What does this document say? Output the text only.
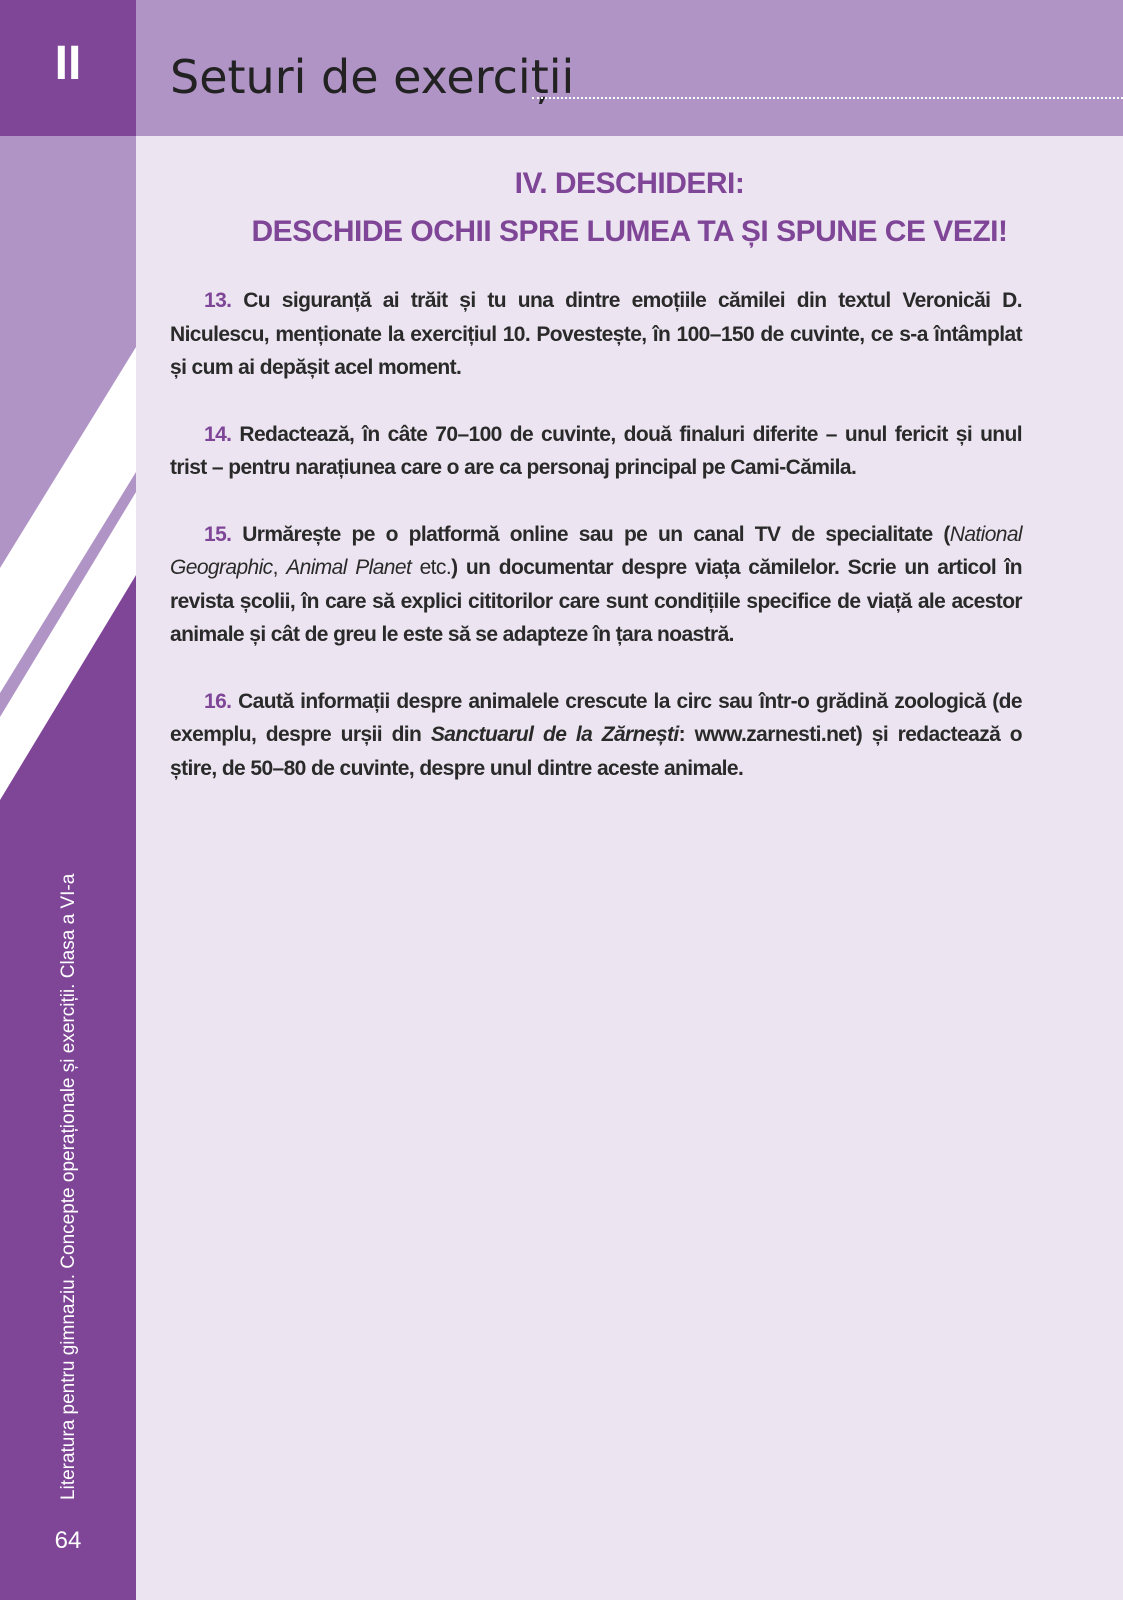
II Seturi de exerciții
Literatura pentru gimnaziu. Concepte operaționale și exerciții. Clasa a VI-a
64
IV. DESCHIDERI:
DESCHIDE OCHII SPRE LUMEA TA ȘI SPUNE CE VEZI!

13. Cu siguranță ai trăit și tu una dintre emoțiile cămilei din textul Veronicăi D. Niculescu, menționate la exercițiul 10. Povestește, în 100–150 de cuvinte, ce s-a întâmplat și cum ai depășit acel moment.

14. Redactează, în câte 70–100 de cuvinte, două finaluri diferite – unul fericit și unul trist – pentru narațiunea care o are ca personaj principal pe Cami-Cămila.

15. Urmărește pe o platformă online sau pe un canal TV de specialitate (National Geographic, Animal Planet etc.) un documentar despre viața cămilelor. Scrie un articol în revista școlii, în care să explici cititorilor care sunt condițiile specifice de viață ale acestor animale și cât de greu le este să se adapteze în țara noastră.

16. Caută informații despre animalele crescute la circ sau într-o grădină zoologică (de exemplu, despre urșii din Sanctuarul de la Zărnești: www.zarnesti.net) și redactează o știre, de 50–80 de cuvinte, despre unul dintre aceste animale.
